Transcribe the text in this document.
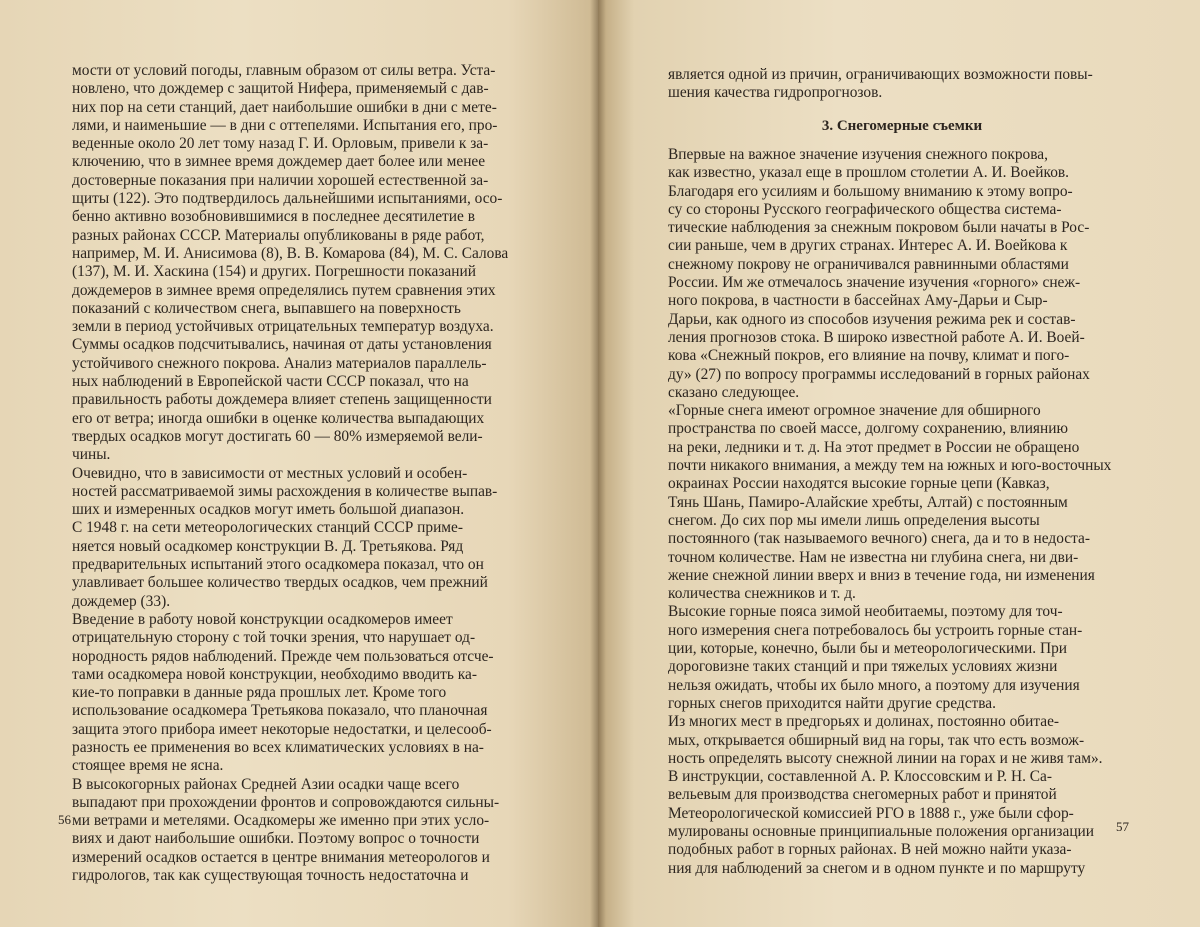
мости от условий погоды, главным образом от силы ветра. Уста-
новлено, что дождемер с защитой Нифера, применяемый с дав-
них пор на сети станций, дает наибольшие ошибки в дни с мете-
лями, и наименьшие — в дни с оттепелями. Испытания его, про-
веденные около 20 лет тому назад Г. И. Орловым, привели к за-
ключению, что в зимнее время дождемер дает более или менее
достоверные показания при наличии хорошей естественной за-
щиты (122). Это подтвердилось дальнейшими испытаниями, осо-
бенно активно возобновившимися в последнее десятилетие в
разных районах СССР. Материалы опубликованы в ряде работ,
например, М. И. Анисимова (8), В. В. Комарова (84), М. С. Салова
(137), М. И. Хаскина (154) и других. Погрешности показаний
дождемеров в зимнее время определялись путем сравнения этих
показаний с количеством снега, выпавшего на поверхность
земли в период устойчивых отрицательных температур воздуха.
Суммы осадков подсчитывались, начиная от даты установления
устойчивого снежного покрова. Анализ материалов параллель-
ных наблюдений в Европейской части СССР показал, что на
правильность работы дождемера влияет степень защищенности
его от ветра; иногда ошибки в оценке количества выпадающих
твердых осадков могут достигать 60 — 80% измеряемой вели-
чины.
Очевидно, что в зависимости от местных условий и особен-
ностей рассматриваемой зимы расхождения в количестве выпав-
ших и измеренных осадков могут иметь большой диапазон.
С 1948 г. на сети метеорологических станций СССР приме-
няется новый осадкомер конструкции В. Д. Третьякова. Ряд
предварительных испытаний этого осадкомера показал, что он
улавливает большее количество твердых осадков, чем прежний
дождемер (33).
Введение в работу новой конструкции осадкомеров имеет
отрицательную сторону с той точки зрения, что нарушает од-
нородность рядов наблюдений. Прежде чем пользоваться отсче-
тами осадкомера новой конструкции, необходимо вводить ка-
кие-то поправки в данные ряда прошлых лет. Кроме того
использование осадкомера Третьякова показало, что планочная
защита этого прибора имеет некоторые недостатки, и целесооб-
разность ее применения во всех климатических условиях в на-
стоящее время не ясна.
В высокогорных районах Средней Азии осадки чаще всего
выпадают при прохождении фронтов и сопровождаются сильны-
ми ветрами и метелями. Осадкомеры же именно при этих усло-
виях и дают наибольшие ошибки. Поэтому вопрос о точности
измерений осадков остается в центре внимания метеорологов и
гидрологов, так как существующая точность недостаточна и
56
является одной из причин, ограничивающих возможности повы-
шения качества гидропрогнозов.
3. Снегомерные съемки
Впервые на важное значение изучения снежного покрова,
как известно, указал еще в прошлом столетии А. И. Воейков.
Благодаря его усилиям и большому вниманию к этому вопро-
су со стороны Русского географического общества система-
тические наблюдения за снежным покровом были начаты в Рос-
сии раньше, чем в других странах. Интерес А. И. Воейкова к
снежному покрову не ограничивался равнинными областями
России. Им же отмечалось значение изучения «горного» снеж-
ного покрова, в частности в бассейнах Аму-Дарьи и Сыр-
Дарьи, как одного из способов изучения режима рек и состав-
ления прогнозов стока. В широко известной работе А. И. Воей-
кова «Снежный покров, его влияние на почву, климат и пого-
ду» (27) по вопросу программы исследований в горных районах
сказано следующее.
«Горные снега имеют огромное значение для обширного
пространства по своей массе, долгому сохранению, влиянию
на реки, ледники и т. д. На этот предмет в России не обращено
почти никакого внимания, а между тем на южных и юго-восточных
окраинах России находятся высокие горные цепи (Кавказ,
Тянь Шань, Памиро-Алайские хребты, Алтай) с постоянным
снегом. До сих пор мы имели лишь определения высоты
постоянного (так называемого вечного) снега, да и то в недоста-
точном количестве. Нам не известна ни глубина снега, ни дви-
жение снежной линии вверх и вниз в течение года, ни изменения
количества снежников и т. д.
Высокие горные пояса зимой необитаемы, поэтому для точ-
ного измерения снега потребовалось бы устроить горные стан-
ции, которые, конечно, были бы и метеорологическими. При
дороговизне таких станций и при тяжелых условиях жизни
нельзя ожидать, чтобы их было много, а поэтому для изучения
горных снегов приходится найти другие средства.
Из многих мест в предгорьях и долинах, постоянно обитае-
мых, открывается обширный вид на горы, так что есть возмож-
ность определять высоту снежной линии на горах и не живя там».
В инструкции, составленной А. Р. Клоссовским и Р. Н. Са-
вельевым для производства снегомерных работ и принятой
Метеорологической комиссией РГО в 1888 г., уже были сфор-
мулированы основные принципиальные положения организации
подобных работ в горных районах. В ней можно найти указа-
ния для наблюдений за снегом и в одном пункте и по маршруту
57
